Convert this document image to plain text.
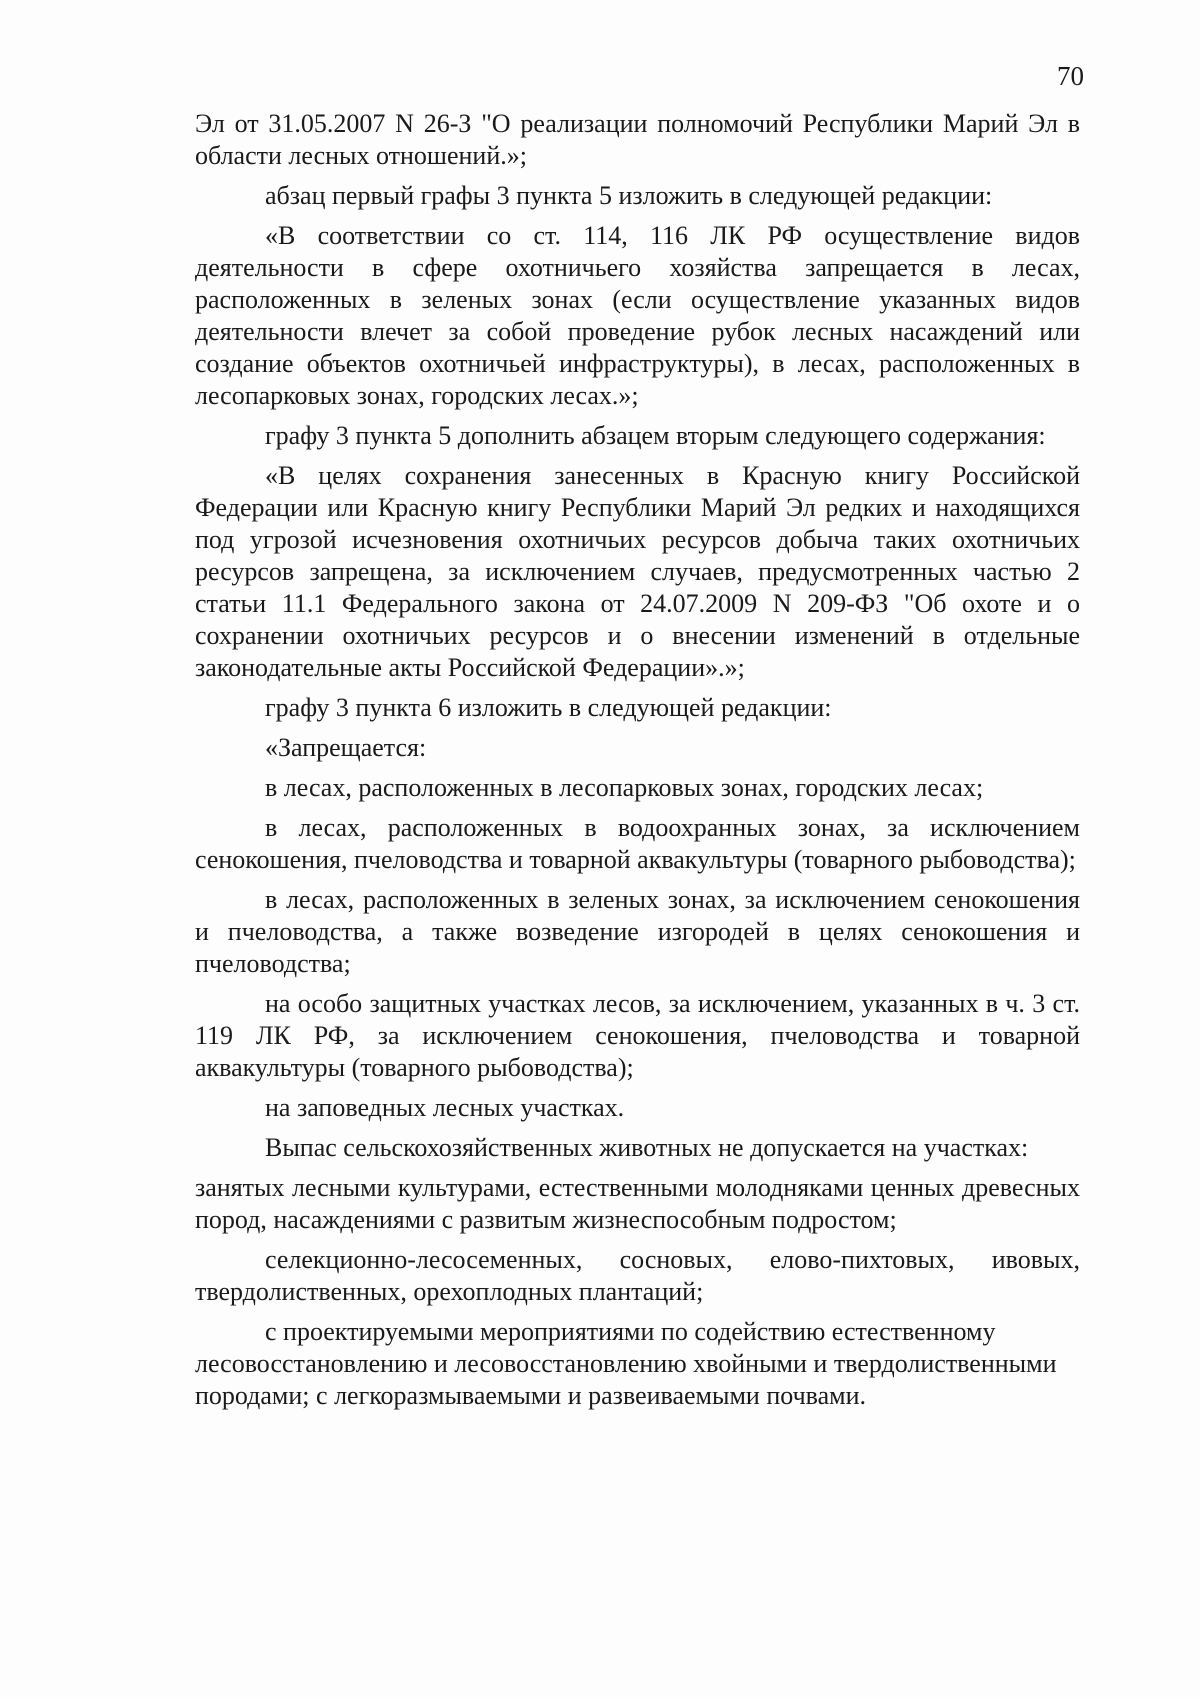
70

Эл от 31.05.2007 N 26-З "О реализации полномочий Республики Марий Эл в области лесных отношений.»;

абзац первый графы 3 пункта 5 изложить в следующей редакции:

«В соответствии со ст. 114, 116 ЛК РФ осуществление видов деятельности в сфере охотничьего хозяйства запрещается в лесах, расположенных в зеленых зонах (если осуществление указанных видов деятельности влечет за собой проведение рубок лесных насаждений или создание объектов охотничьей инфраструктуры), в лесах, расположенных в лесопарковых зонах, городских лесах.»;

графу 3 пункта 5 дополнить абзацем вторым следующего содержания:

«В целях сохранения занесенных в Красную книгу Российской Федерации или Красную книгу Республики Марий Эл редких и находящихся под угрозой исчезновения охотничьих ресурсов добыча таких охотничьих ресурсов запрещена, за исключением случаев, предусмотренных частью 2 статьи 11.1 Федерального закона от 24.07.2009 N 209-ФЗ "Об охоте и о сохранении охотничьих ресурсов и о внесении изменений в отдельные законодательные акты Российской Федерации».»;

графу 3 пункта 6 изложить в следующей редакции:

«Запрещается:

в лесах, расположенных в лесопарковых зонах, городских лесах;

в лесах, расположенных в водоохранных зонах, за исключением сенокошения, пчеловодства и товарной аквакультуры (товарного рыбоводства);

в лесах, расположенных в зеленых зонах, за исключением сенокошения и пчеловодства, а также возведение изгородей в целях сенокошения и пчеловодства;

на особо защитных участках лесов, за исключением, указанных в ч. 3 ст. 119 ЛК РФ, за исключением сенокошения, пчеловодства и товарной аквакультуры (товарного рыбоводства);

на заповедных лесных участках.

Выпас сельскохозяйственных животных не допускается на участках:

занятых лесными культурами, естественными молодняками ценных древесных пород, насаждениями с развитым жизнеспособным подростом;

селекционно-лесосеменных, сосновых, елово-пихтовых, ивовых, твердолиственных, орехоплодных плантаций;

с проектируемыми мероприятиями по содействию естественному лесовосстановлению и лесовосстановлению хвойными и твердолиственными породами; с легкоразмываемыми и развеиваемыми почвами.
